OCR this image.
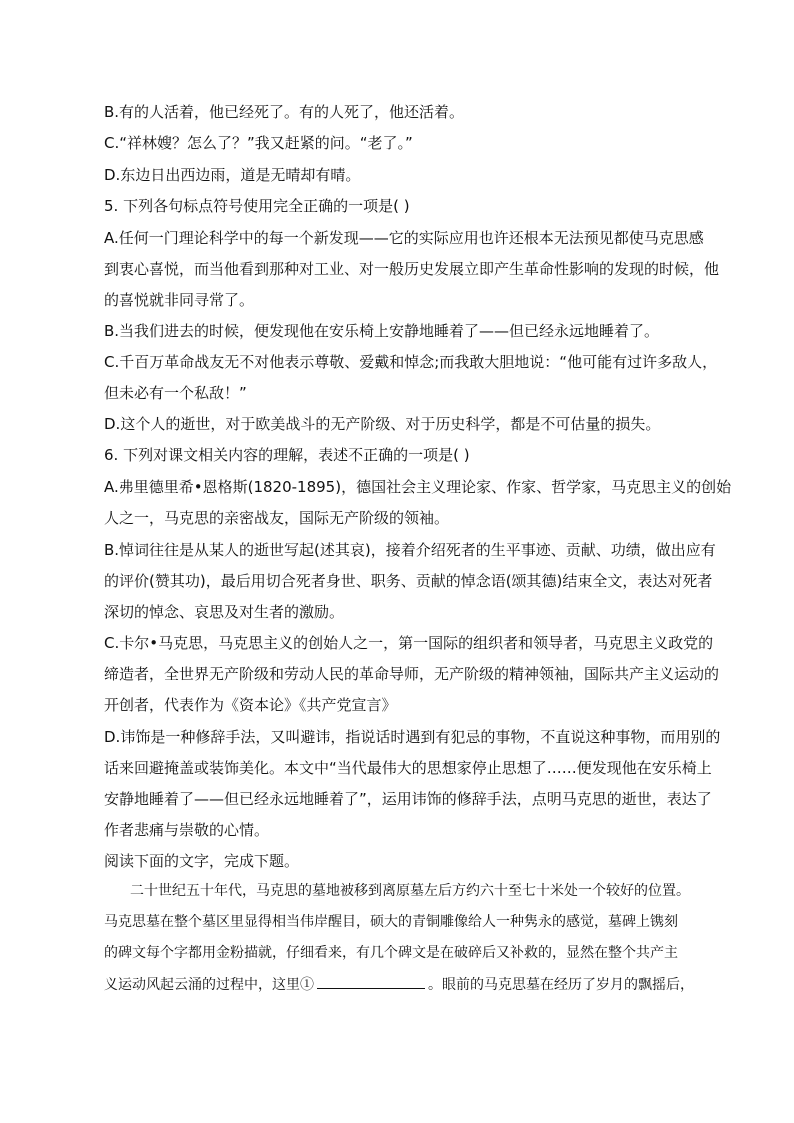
B.有的人活着，他已经死了。有的人死了，他还活着。
C.“祥林嫂？怎么了？”我又赶紧的问。“老了。”
D.东边日出西边雨，道是无晴却有晴。
5. 下列各句标点符号使用完全正确的一项是( )
A.任何一门理论科学中的每一个新发现——它的实际应用也许还根本无法预见都使马克思感
到衷心喜悦，而当他看到那种对工业、对一般历史发展立即产生革命性影响的发现的时候，他
的喜悦就非同寻常了。
B.当我们进去的时候，便发现他在安乐椅上安静地睡着了——但已经永远地睡着了。
C.千百万革命战友无不对他表示尊敬、爱戴和悼念;而我敢大胆地说：“他可能有过许多敌人，
但未必有一个私敌！”
D.这个人的逝世，对于欧美战斗的无产阶级、对于历史科学，都是不可估量的损失。
6. 下列对课文相关内容的理解，表述不正确的一项是( )
A.弗里德里希•恩格斯(1820-1895)，德国社会主义理论家、作家、哲学家，马克思主义的创始
人之一，马克思的亲密战友，国际无产阶级的领袖。
B.悼词往往是从某人的逝世写起(述其哀)，接着介绍死者的生平事迹、贡献、功绩，做出应有
的评价(赞其功)，最后用切合死者身世、职务、贡献的悼念语(颂其德)结束全文，表达对死者
深切的悼念、哀思及对生者的激励。
C.卡尔•马克思，马克思主义的创始人之一，第一国际的组织者和领导者，马克思主义政党的
缔造者，全世界无产阶级和劳动人民的革命导师，无产阶级的精神领袖，国际共产主义运动的
开创者，代表作为《资本论》《共产党宣言》
D.讳饰是一种修辞手法，又叫避讳，指说话时遇到有犯忌的事物，不直说这种事物，而用别的
话来回避掩盖或装饰美化。本文中“当代最伟大的思想家停止思想了……便发现他在安乐椅上
安静地睡着了——但已经永远地睡着了”，运用讳饰的修辞手法，点明马克思的逝世，表达了
作者悲痛与崇敬的心情。
阅读下面的文字，完成下题。
二十世纪五十年代，马克思的墓地被移到离原墓左后方约六十至七十米处一个较好的位置。
马克思墓在整个墓区里显得相当伟岸醒目，硕大的青铜雕像给人一种隽永的感觉，墓碑上镌刻
的碑文每个字都用金粉描就，仔细看来，有几个碑文是在破碎后又补救的，显然在整个共产主
义运动风起云涌的过程中，这里①	。眼前的马克思墓在经历了岁月的飘摇后，
